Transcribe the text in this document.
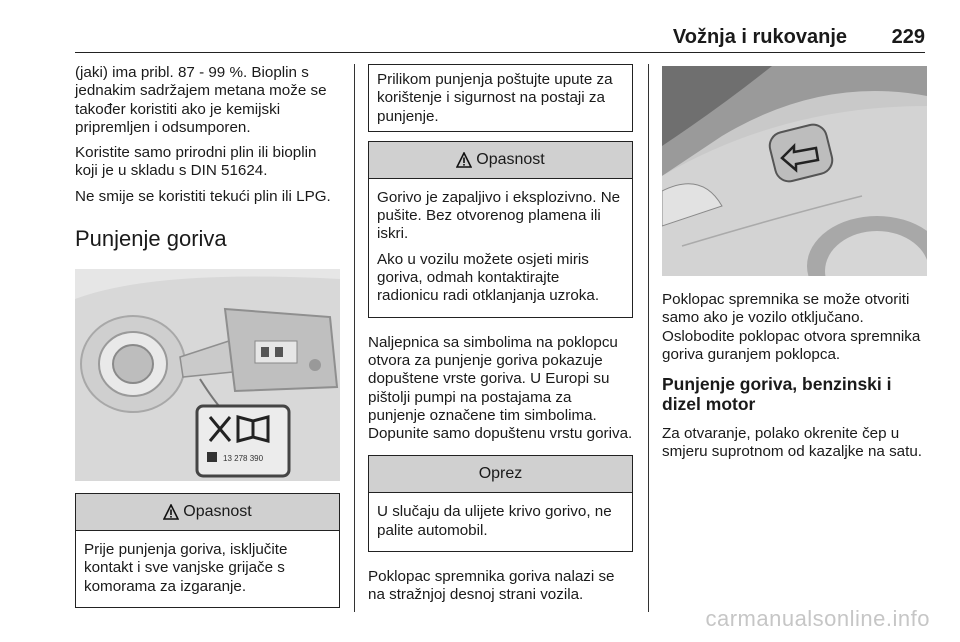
Vožnja i rukovanje 229

(jaki) ima pribl. 87 - 99 %. Bioplin s jednakim sadržajem metana može se također koristiti ako je kemijski pripremljen i odsumporen.

Koristite samo prirodni plin ili bioplin koji je u skladu s DIN 51624.

Ne smije se koristiti tekući plin ili LPG.

Punjenje goriva
13 278 390
Opasnost

Prije punjenja goriva, isključite kontakt i sve vanjske grijače s komorama za izgaranje.

Prilikom punjenja poštujte upute za korištenje i sigurnost na postaji za punjenje.

Opasnost

Gorivo je zapaljivo i eksplozivno. Ne pušite. Bez otvorenog plamena ili iskri.

Ako u vozilu možete osjeti miris goriva, odmah kontaktirajte radionicu radi otklanjanja uzroka.

Naljepnica sa simbolima na poklopcu otvora za punjenje goriva pokazuje dopuštene vrste goriva. U Europi su pištolji pumpi na postajama za punjenje označene tim simbolima. Dopunite samo dopuštenu vrstu goriva.

Oprez

U slučaju da ulijete krivo gorivo, ne palite automobil.

Poklopac spremnika goriva nalazi se na stražnjoj desnoj strani vozila.

Poklopac spremnika se može otvoriti samo ako je vozilo otključano. Oslobodite poklopac otvora spremnika goriva guranjem poklopca.

Punjenje goriva, benzinski i dizel motor

Za otvaranje, polako okrenite čep u smjeru suprotnom od kazaljke na satu.

carmanualsonline.info
